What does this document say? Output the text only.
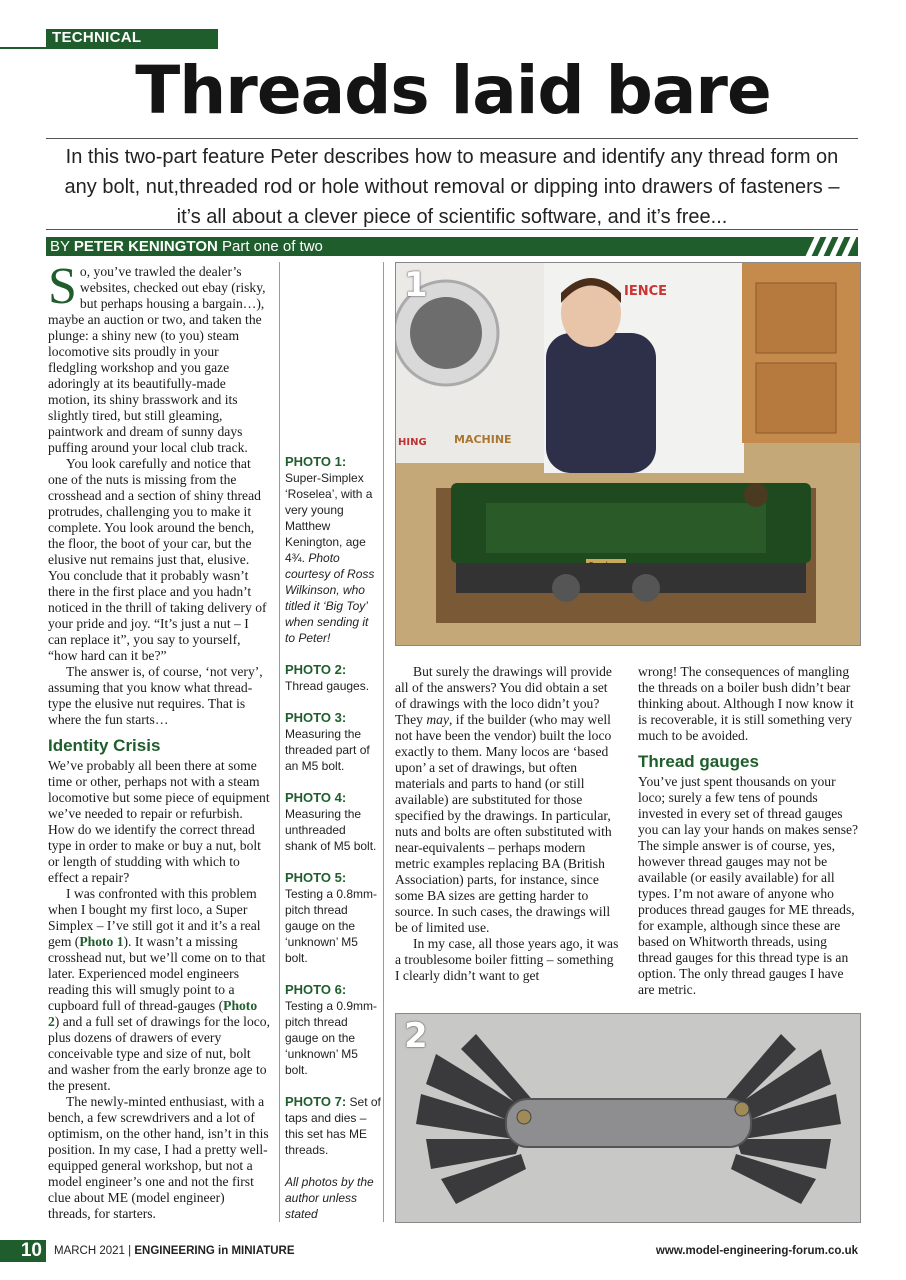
TECHNICAL
Threads laid bare
In this two-part feature Peter describes how to measure and identify any thread form on any bolt, nut,threaded rod or hole without removal or dipping into drawers of fasteners – it’s all about a clever piece of scientific software, and it’s free...
BY PETER KENINGTON Part one of two

So, you’ve trawled the dealer’s websites, checked out ebay (risky, but perhaps housing a bargain…), maybe an auction or two, and taken the plunge: a shiny new (to you) steam locomotive sits proudly in your fledgling workshop and you gaze adoringly at its beautifully-made motion, its shiny brasswork and its slightly tired, but still gleaming, paintwork and dream of sunny days puffing around your local club track.

You look carefully and notice that one of the nuts is missing from the crosshead and a section of shiny thread protrudes, challenging you to make it complete. You look around the bench, the floor, the boot of your car, but the elusive nut remains just that, elusive. You conclude that it probably wasn’t there in the first place and you hadn’t noticed in the thrill of taking delivery of your pride and joy. “It’s just a nut – I can replace it”, you say to yourself, “how hard can it be?”

The answer is, of course, ‘not very’, assuming that you know what thread-type the elusive nut requires. That is where the fun starts…

Identity Crisis

We’ve probably all been there at some time or other, perhaps not with a steam locomotive but some piece of equipment we’ve needed to repair or refurbish. How do we identify the correct thread type in order to make or buy a nut, bolt or length of studding with which to effect a repair?

I was confronted with this problem when I bought my first loco, a Super Simplex – I’ve still got it and it’s a real gem (Photo 1). It wasn’t a missing crosshead nut, but we’ll come on to that later. Experienced model engineers reading this will smugly point to a cupboard full of thread-gauges (Photo 2) and a full set of drawings for the loco, plus dozens of drawers of every conceivable type and size of nut, bolt and washer from the early bronze age to the present.

The newly-minted enthusiast, with a bench, a few screwdrivers and a lot of optimism, on the other hand, isn’t in this position. In my case, I had a pretty well-equipped general workshop, but not a model engineer’s one and not the first clue about ME (model engineer) threads, for starters.

PHOTO 1:
Super-Simplex ‘Roselea’, with a very young Matthew Kenington, age 4¾. Photo courtesy of Ross Wilkinson, who titled it ‘Big Toy’ when sending it to Peter!
PHOTO 2:
Thread gauges.
PHOTO 3:
Measuring the threaded part of an M5 bolt.
PHOTO 4:
Measuring the unthreaded shank of M5 bolt.
PHOTO 5:
Testing a 0.8mm-pitch thread gauge on the ‘unknown’ M5 bolt.
PHOTO 6:
Testing a 0.9mm-pitch thread gauge on the ‘unknown’ M5 bolt.
PHOTO 7: Set of taps and dies – this set has ME threads.
All photos by the author unless stated
IENCE
HING MACHINE
1

But surely the drawings will provide all of the answers? You did obtain a set of drawings with the loco didn’t you? They may, if the builder (who may well not have been the vendor) built the loco exactly to them. Many locos are ‘based upon’ a set of drawings, but often materials and parts to hand (or still available) are substituted for those specified by the drawings. In particular, nuts and bolts are often substituted with near-equivalents – perhaps modern metric examples replacing BA (British Association) parts, for instance, since some BA sizes are getting harder to source. In such cases, the drawings will be of limited use.

In my case, all those years ago, it was a troublesome boiler fitting – something I clearly didn’t want to get

wrong! The consequences of mangling the threads on a boiler bush didn’t bear thinking about. Although I now know it is recoverable, it is still something very much to be avoided.

Thread gauges

You’ve just spent thousands on your loco; surely a few tens of pounds invested in every set of thread gauges you can lay your hands on makes sense? The simple answer is of course, yes, however thread gauges may not be available (or easily available) for all types. I’m not aware of anyone who produces thread gauges for ME threads, for example, although since these are based on Whitworth threads, using thread gauges for this thread type is an option. The only thread gauges I have are metric.

2
10	MARCH 2021 | ENGINEERING in MINIATURE	www.model-engineering-forum.co.uk
